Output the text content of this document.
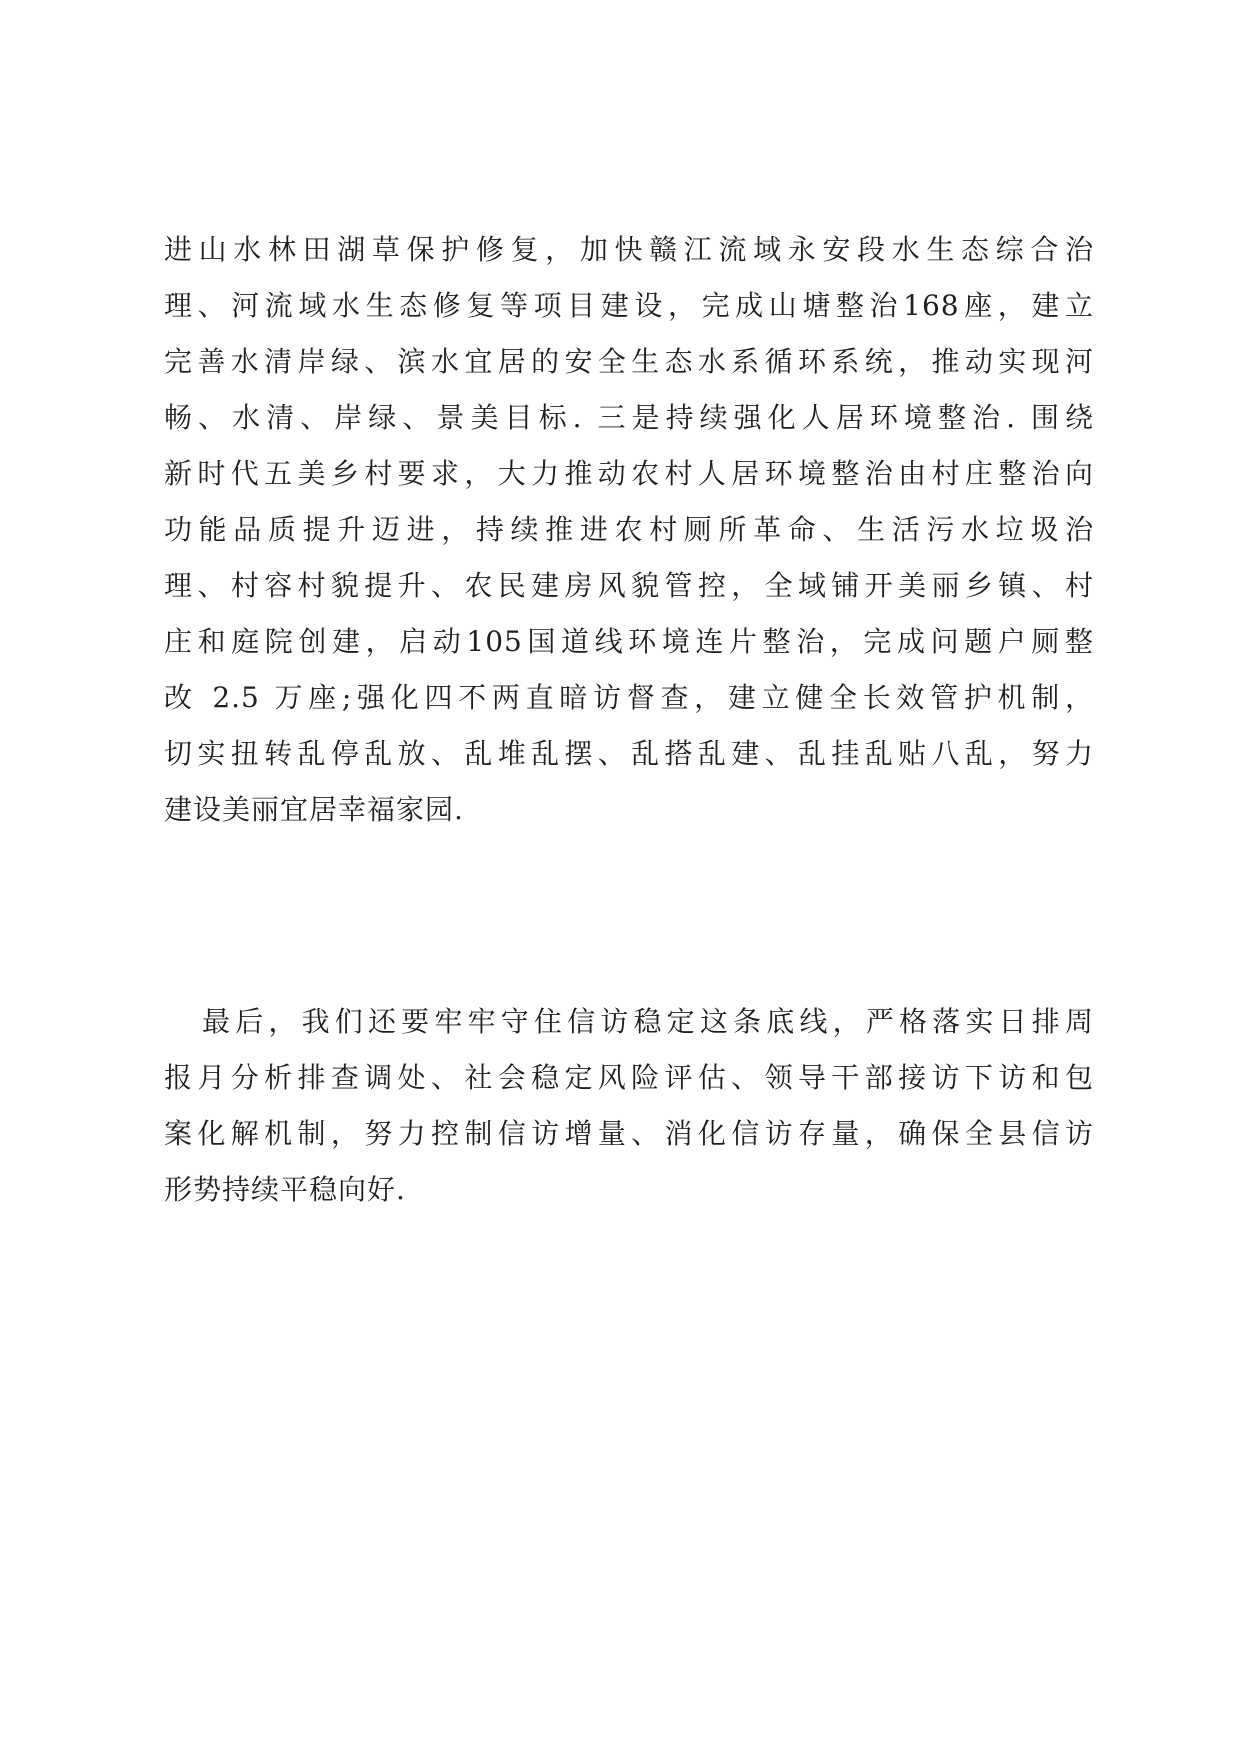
进山水林田湖草保护修复，加快赣江流域永安段水生态综合治
理、河流域水生态修复等项目建设，完成山塘整治168座，建立
完善水清岸绿、滨水宜居的安全生态水系循环系统，推动实现河
畅、水清、岸绿、景美目标. 三是持续强化人居环境整治. 围绕
新时代五美乡村要求，大力推动农村人居环境整治由村庄整治向
功能品质提升迈进，持续推进农村厕所革命、生活污水垃圾治
理、村容村貌提升、农民建房风貌管控，全域铺开美丽乡镇、村
庄和庭院创建，启动105国道线环境连片整治，完成问题户厕整
改 2.5 万座;强化四不两直暗访督查，建立健全长效管护机制，
切实扭转乱停乱放、乱堆乱摆、乱搭乱建、乱挂乱贴八乱，努力
建设美丽宜居幸福家园.
最后，我们还要牢牢守住信访稳定这条底线，严格落实日排周
报月分析排查调处、社会稳定风险评估、领导干部接访下访和包
案化解机制，努力控制信访增量、消化信访存量，确保全县信访
形势持续平稳向好.
